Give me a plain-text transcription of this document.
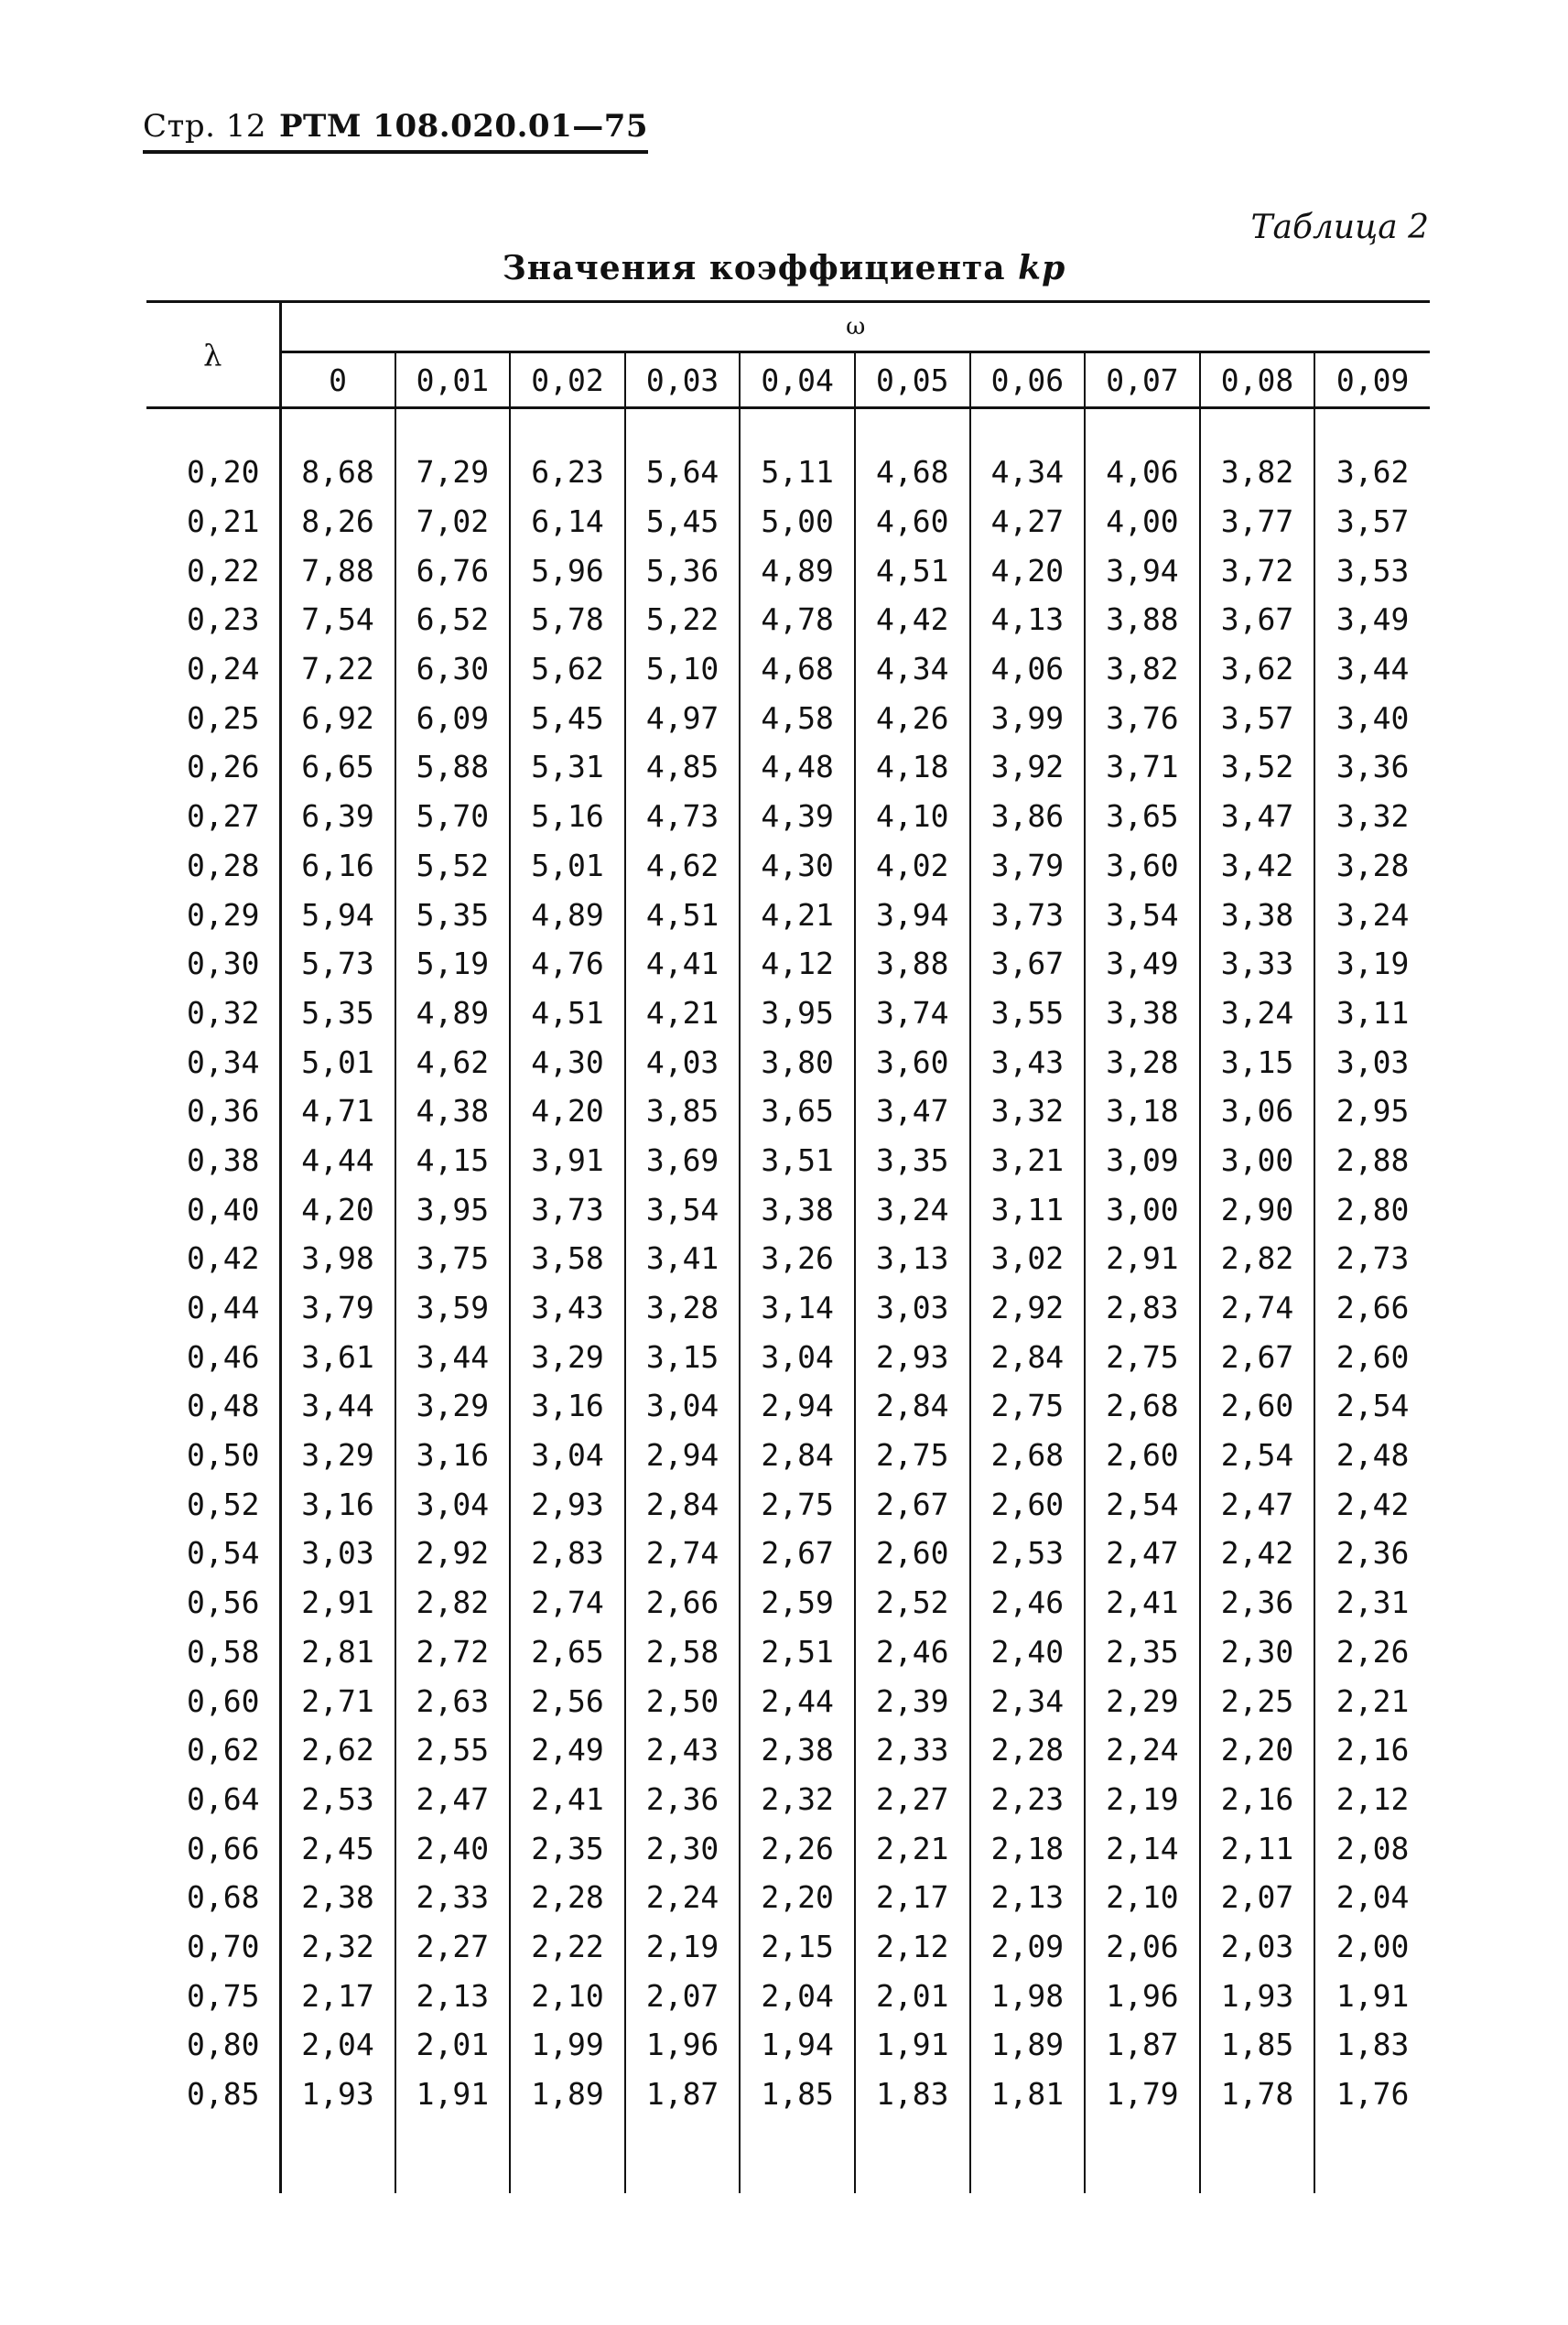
Стр. 12 РТМ 108.020.01—75
Таблица 2
Значения коэффициента kр
λ	ω									
	0	0,01	0,02	0,03	0,04	0,05	0,06	0,07	0,08	0,09

0,20	8,68	7,29	6,23	5,64	5,11	4,68	4,34	4,06	3,82	3,62
0,21	8,26	7,02	6,14	5,45	5,00	4,60	4,27	4,00	3,77	3,57
0,22	7,88	6,76	5,96	5,36	4,89	4,51	4,20	3,94	3,72	3,53
0,23	7,54	6,52	5,78	5,22	4,78	4,42	4,13	3,88	3,67	3,49
0,24	7,22	6,30	5,62	5,10	4,68	4,34	4,06	3,82	3,62	3,44
0,25	6,92	6,09	5,45	4,97	4,58	4,26	3,99	3,76	3,57	3,40
0,26	6,65	5,88	5,31	4,85	4,48	4,18	3,92	3,71	3,52	3,36
0,27	6,39	5,70	5,16	4,73	4,39	4,10	3,86	3,65	3,47	3,32
0,28	6,16	5,52	5,01	4,62	4,30	4,02	3,79	3,60	3,42	3,28
0,29	5,94	5,35	4,89	4,51	4,21	3,94	3,73	3,54	3,38	3,24
0,30	5,73	5,19	4,76	4,41	4,12	3,88	3,67	3,49	3,33	3,19
0,32	5,35	4,89	4,51	4,21	3,95	3,74	3,55	3,38	3,24	3,11
0,34	5,01	4,62	4,30	4,03	3,80	3,60	3,43	3,28	3,15	3,03
0,36	4,71	4,38	4,20	3,85	3,65	3,47	3,32	3,18	3,06	2,95
0,38	4,44	4,15	3,91	3,69	3,51	3,35	3,21	3,09	3,00	2,88
0,40	4,20	3,95	3,73	3,54	3,38	3,24	3,11	3,00	2,90	2,80
0,42	3,98	3,75	3,58	3,41	3,26	3,13	3,02	2,91	2,82	2,73
0,44	3,79	3,59	3,43	3,28	3,14	3,03	2,92	2,83	2,74	2,66
0,46	3,61	3,44	3,29	3,15	3,04	2,93	2,84	2,75	2,67	2,60
0,48	3,44	3,29	3,16	3,04	2,94	2,84	2,75	2,68	2,60	2,54
0,50	3,29	3,16	3,04	2,94	2,84	2,75	2,68	2,60	2,54	2,48
0,52	3,16	3,04	2,93	2,84	2,75	2,67	2,60	2,54	2,47	2,42
0,54	3,03	2,92	2,83	2,74	2,67	2,60	2,53	2,47	2,42	2,36
0,56	2,91	2,82	2,74	2,66	2,59	2,52	2,46	2,41	2,36	2,31
0,58	2,81	2,72	2,65	2,58	2,51	2,46	2,40	2,35	2,30	2,26
0,60	2,71	2,63	2,56	2,50	2,44	2,39	2,34	2,29	2,25	2,21
0,62	2,62	2,55	2,49	2,43	2,38	2,33	2,28	2,24	2,20	2,16
0,64	2,53	2,47	2,41	2,36	2,32	2,27	2,23	2,19	2,16	2,12
0,66	2,45	2,40	2,35	2,30	2,26	2,21	2,18	2,14	2,11	2,08
0,68	2,38	2,33	2,28	2,24	2,20	2,17	2,13	2,10	2,07	2,04
0,70	2,32	2,27	2,22	2,19	2,15	2,12	2,09	2,06	2,03	2,00
0,75	2,17	2,13	2,10	2,07	2,04	2,01	1,98	1,96	1,93	1,91
0,80	2,04	2,01	1,99	1,96	1,94	1,91	1,89	1,87	1,85	1,83
0,85	1,93	1,91	1,89	1,87	1,85	1,83	1,81	1,79	1,78	1,76
